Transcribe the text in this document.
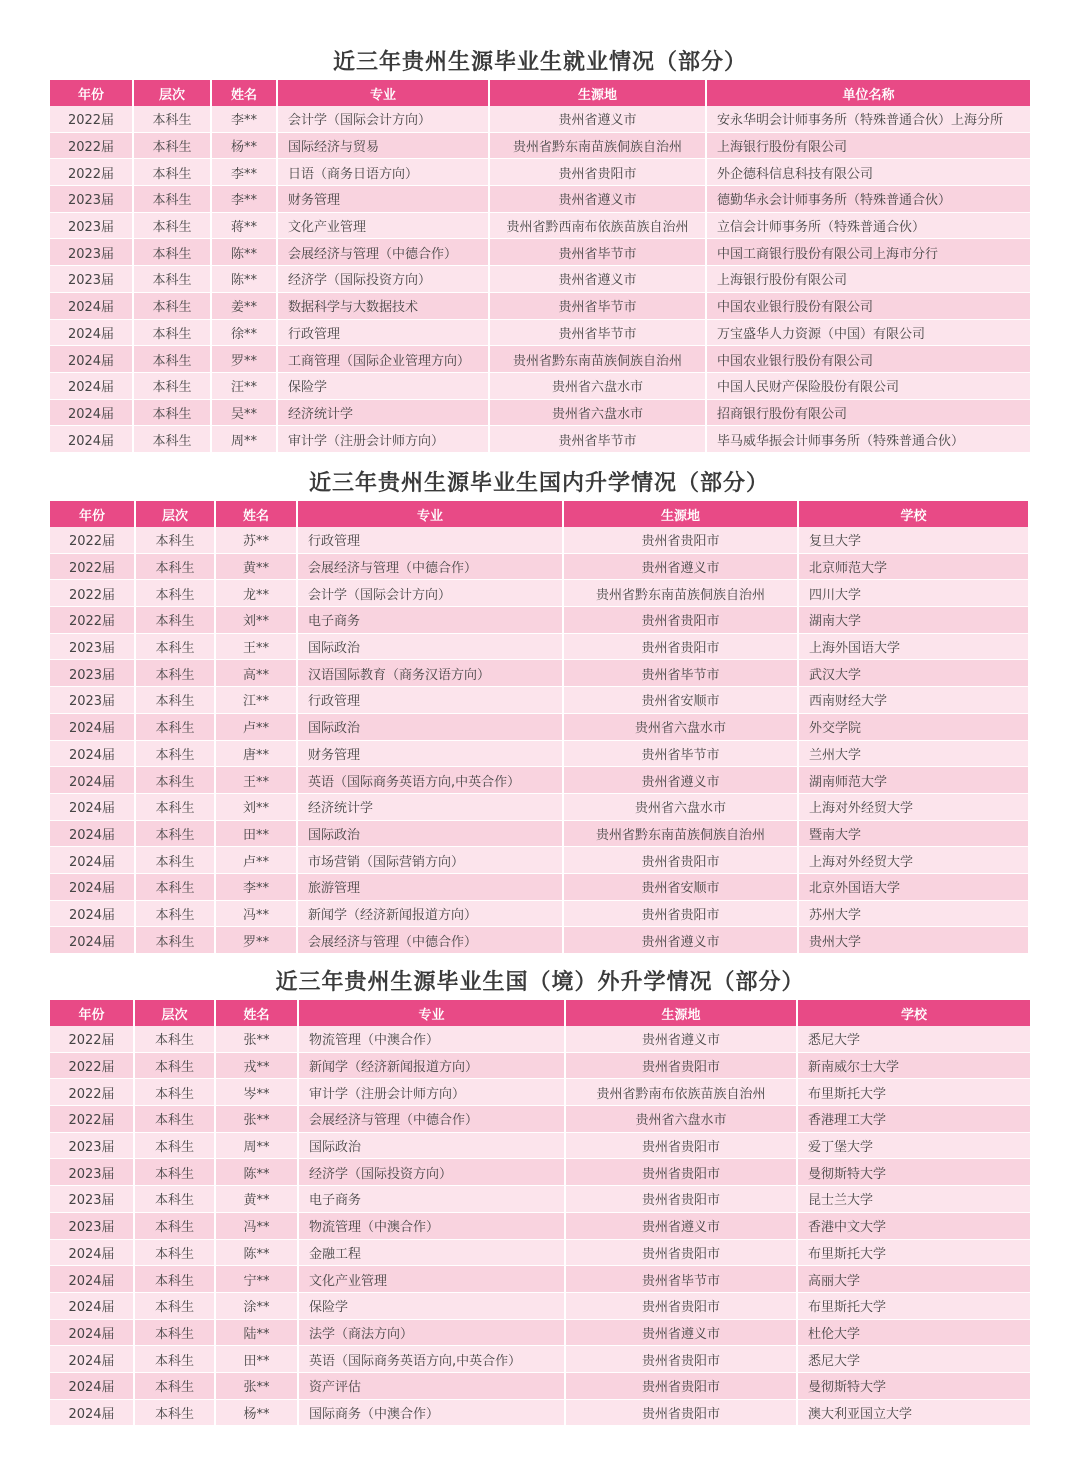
近三年贵州生源毕业生就业情况（部分）
年份	层次	姓名	专业	生源地	单位名称
2022届	本科生	李**	会计学（国际会计方向）	贵州省遵义市	安永华明会计师事务所（特殊普通合伙）上海分所
2022届	本科生	杨**	国际经济与贸易	贵州省黔东南苗族侗族自治州	上海银行股份有限公司
2022届	本科生	李**	日语（商务日语方向）	贵州省贵阳市	外企德科信息科技有限公司
2023届	本科生	李**	财务管理	贵州省遵义市	德勤华永会计师事务所（特殊普通合伙）
2023届	本科生	蒋**	文化产业管理	贵州省黔西南布依族苗族自治州	立信会计师事务所（特殊普通合伙）
2023届	本科生	陈**	会展经济与管理（中德合作）	贵州省毕节市	中国工商银行股份有限公司上海市分行
2023届	本科生	陈**	经济学（国际投资方向）	贵州省遵义市	上海银行股份有限公司
2024届	本科生	姜**	数据科学与大数据技术	贵州省毕节市	中国农业银行股份有限公司
2024届	本科生	徐**	行政管理	贵州省毕节市	万宝盛华人力资源（中国）有限公司
2024届	本科生	罗**	工商管理（国际企业管理方向）	贵州省黔东南苗族侗族自治州	中国农业银行股份有限公司
2024届	本科生	汪**	保险学	贵州省六盘水市	中国人民财产保险股份有限公司
2024届	本科生	吴**	经济统计学	贵州省六盘水市	招商银行股份有限公司
2024届	本科生	周**	审计学（注册会计师方向）	贵州省毕节市	毕马威华振会计师事务所（特殊普通合伙）
近三年贵州生源毕业生国内升学情况（部分）
年份	层次	姓名	专业	生源地	学校
2022届	本科生	苏**	行政管理	贵州省贵阳市	复旦大学
2022届	本科生	黄**	会展经济与管理（中德合作）	贵州省遵义市	北京师范大学
2022届	本科生	龙**	会计学（国际会计方向）	贵州省黔东南苗族侗族自治州	四川大学
2022届	本科生	刘**	电子商务	贵州省贵阳市	湖南大学
2023届	本科生	王**	国际政治	贵州省贵阳市	上海外国语大学
2023届	本科生	高**	汉语国际教育（商务汉语方向）	贵州省毕节市	武汉大学
2023届	本科生	江**	行政管理	贵州省安顺市	西南财经大学
2024届	本科生	卢**	国际政治	贵州省六盘水市	外交学院
2024届	本科生	唐**	财务管理	贵州省毕节市	兰州大学
2024届	本科生	王**	英语（国际商务英语方向,中英合作）	贵州省遵义市	湖南师范大学
2024届	本科生	刘**	经济统计学	贵州省六盘水市	上海对外经贸大学
2024届	本科生	田**	国际政治	贵州省黔东南苗族侗族自治州	暨南大学
2024届	本科生	卢**	市场营销（国际营销方向）	贵州省贵阳市	上海对外经贸大学
2024届	本科生	李**	旅游管理	贵州省安顺市	北京外国语大学
2024届	本科生	冯**	新闻学（经济新闻报道方向）	贵州省贵阳市	苏州大学
2024届	本科生	罗**	会展经济与管理（中德合作）	贵州省遵义市	贵州大学
近三年贵州生源毕业生国（境）外升学情况（部分）
年份	层次	姓名	专业	生源地	学校
2022届	本科生	张**	物流管理（中澳合作）	贵州省遵义市	悉尼大学
2022届	本科生	戎**	新闻学（经济新闻报道方向）	贵州省贵阳市	新南威尔士大学
2022届	本科生	岑**	审计学（注册会计师方向）	贵州省黔南布依族苗族自治州	布里斯托大学
2022届	本科生	张**	会展经济与管理（中德合作）	贵州省六盘水市	香港理工大学
2023届	本科生	周**	国际政治	贵州省贵阳市	爱丁堡大学
2023届	本科生	陈**	经济学（国际投资方向）	贵州省贵阳市	曼彻斯特大学
2023届	本科生	黄**	电子商务	贵州省贵阳市	昆士兰大学
2023届	本科生	冯**	物流管理（中澳合作）	贵州省遵义市	香港中文大学
2024届	本科生	陈**	金融工程	贵州省贵阳市	布里斯托大学
2024届	本科生	宁**	文化产业管理	贵州省毕节市	高丽大学
2024届	本科生	涂**	保险学	贵州省贵阳市	布里斯托大学
2024届	本科生	陆**	法学（商法方向）	贵州省遵义市	杜伦大学
2024届	本科生	田**	英语（国际商务英语方向,中英合作）	贵州省贵阳市	悉尼大学
2024届	本科生	张**	资产评估	贵州省贵阳市	曼彻斯特大学
2024届	本科生	杨**	国际商务（中澳合作）	贵州省贵阳市	澳大利亚国立大学
